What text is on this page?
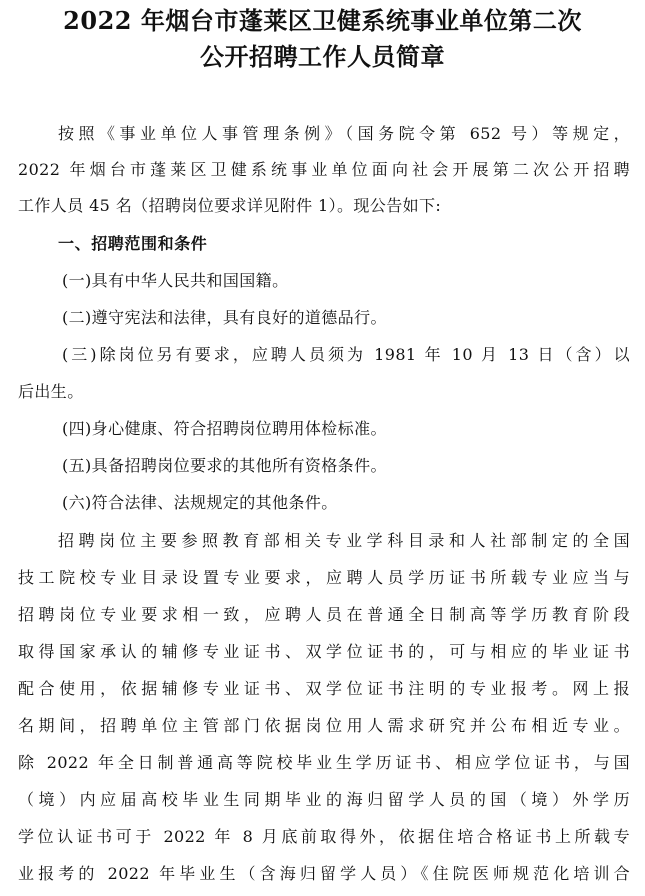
2022 年烟台市蓬莱区卫健系统事业单位第二次
公开招聘工作人员简章
按照《事业单位人事管理条例》（国务院令第 652 号）等规定，
2022 年烟台市蓬莱区卫健系统事业单位面向社会开展第二次公开招聘
工作人员 45 名（招聘岗位要求详见附件 1）。现公告如下:
一、招聘范围和条件
(一)具有中华人民共和国国籍。
(二)遵守宪法和法律，具有良好的道德品行。
(三)除岗位另有要求，应聘人员须为 1981 年 10 月 13 日（含）以
后出生。
(四)身心健康、符合招聘岗位聘用体检标准。
(五)具备招聘岗位要求的其他所有资格条件。
(六)符合法律、法规规定的其他条件。
招聘岗位主要参照教育部相关专业学科目录和人社部制定的全国
技工院校专业目录设置专业要求，应聘人员学历证书所载专业应当与
招聘岗位专业要求相一致，应聘人员在普通全日制高等学历教育阶段
取得国家承认的辅修专业证书、双学位证书的，可与相应的毕业证书
配合使用，依据辅修专业证书、双学位证书注明的专业报考。网上报
名期间，招聘单位主管部门依据岗位用人需求研究并公布相近专业。
除 2022 年全日制普通高等院校毕业生学历证书、相应学位证书，与国
（境）内应届高校毕业生同期毕业的海归留学人员的国（境）外学历
学位认证书可于 2022 年 8 月底前取得外，依据住培合格证书上所载专
业报考的 2022 年毕业生（含海归留学人员）《住院医师规范化培训合
